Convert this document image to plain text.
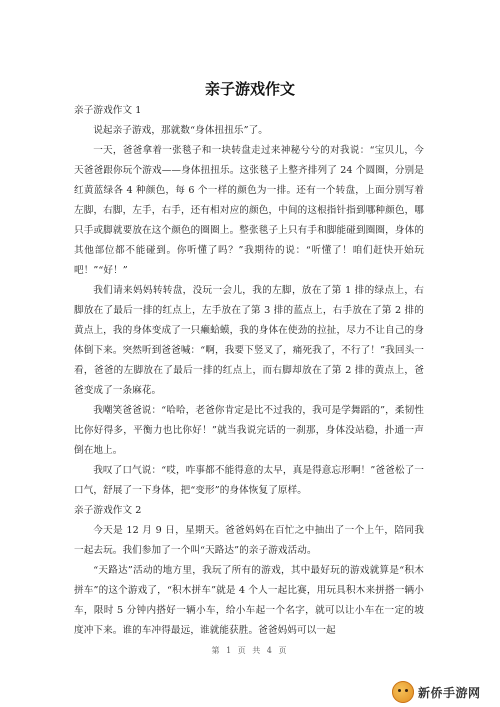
亲子游戏作文
亲子游戏作文 1

说起亲子游戏，那就数“身体扭扭乐”了。

一天，爸爸拿着一张毯子和一块转盘走过来神秘兮兮的对我说：“宝贝儿，今天爸爸跟你玩个游戏——身体扭扭乐。这张毯子上整齐排列了 24 个圆圈，分别是红黄蓝绿各 4 种颜色，每 6 个一样的颜色为一排。还有一个转盘，上面分别写着左脚，右脚，左手，右手，还有相对应的颜色，中间的这根指针指到哪种颜色，哪只手或脚就要放在这个颜色的圈圈上。整张毯子上只有手和脚能碰到圈圈，身体的其他部位都不能碰到。你听懂了吗？”我期待的说：“听懂了！咱们赶快开始玩吧！”“好！”

我们请来妈妈转转盘，没玩一会儿，我的左脚，放在了第 1 排的绿点上，右脚放在了最后一排的红点上，左手放在了第 3 排的蓝点上，右手放在了第 2 排的黄点上，我的身体变成了一只癞蛤蟆，我的身体在使劲的拉扯，尽力不让自己的身体倒下来。突然听到爸爸喊：“啊，我要下竖叉了，痛死我了，不行了！”我回头一看，爸爸的左脚放在了最后一排的红点上，而右脚却放在了第 2 排的黄点上，爸爸变成了一条麻花。

我嘲笑爸爸说：“哈哈，老爸你肯定是比不过我的，我可是学舞蹈的”，柔韧性比你好得多，平衡力也比你好！”就当我说完话的一刹那，身体没站稳，扑通一声倒在地上。

我叹了口气说：“哎，咋事都不能得意的太早，真是得意忘形啊！”爸爸松了一口气，舒展了一下身体，把“变形”的身体恢复了原样。

亲子游戏作文 2

今天是 12 月 9 日，星期天。爸爸妈妈在百忙之中抽出了一个上午，陪同我一起去玩。我们参加了一个叫“天路达”的亲子游戏活动。

“天路达”活动的地方里，我玩了所有的游戏，其中最好玩的游戏就算是“积木拼车”的这个游戏了，“积木拼车”就是 4 个人一起比赛，用玩具积木来拼搭一辆小车，限时 5 分钟内搭好一辆小车，给小车起一个名字，就可以让小车在一定的坡度冲下来。谁的车冲得最远，谁就能获胜。爸爸妈妈可以一起

第 1 页 共 4 页
新侨手游网
